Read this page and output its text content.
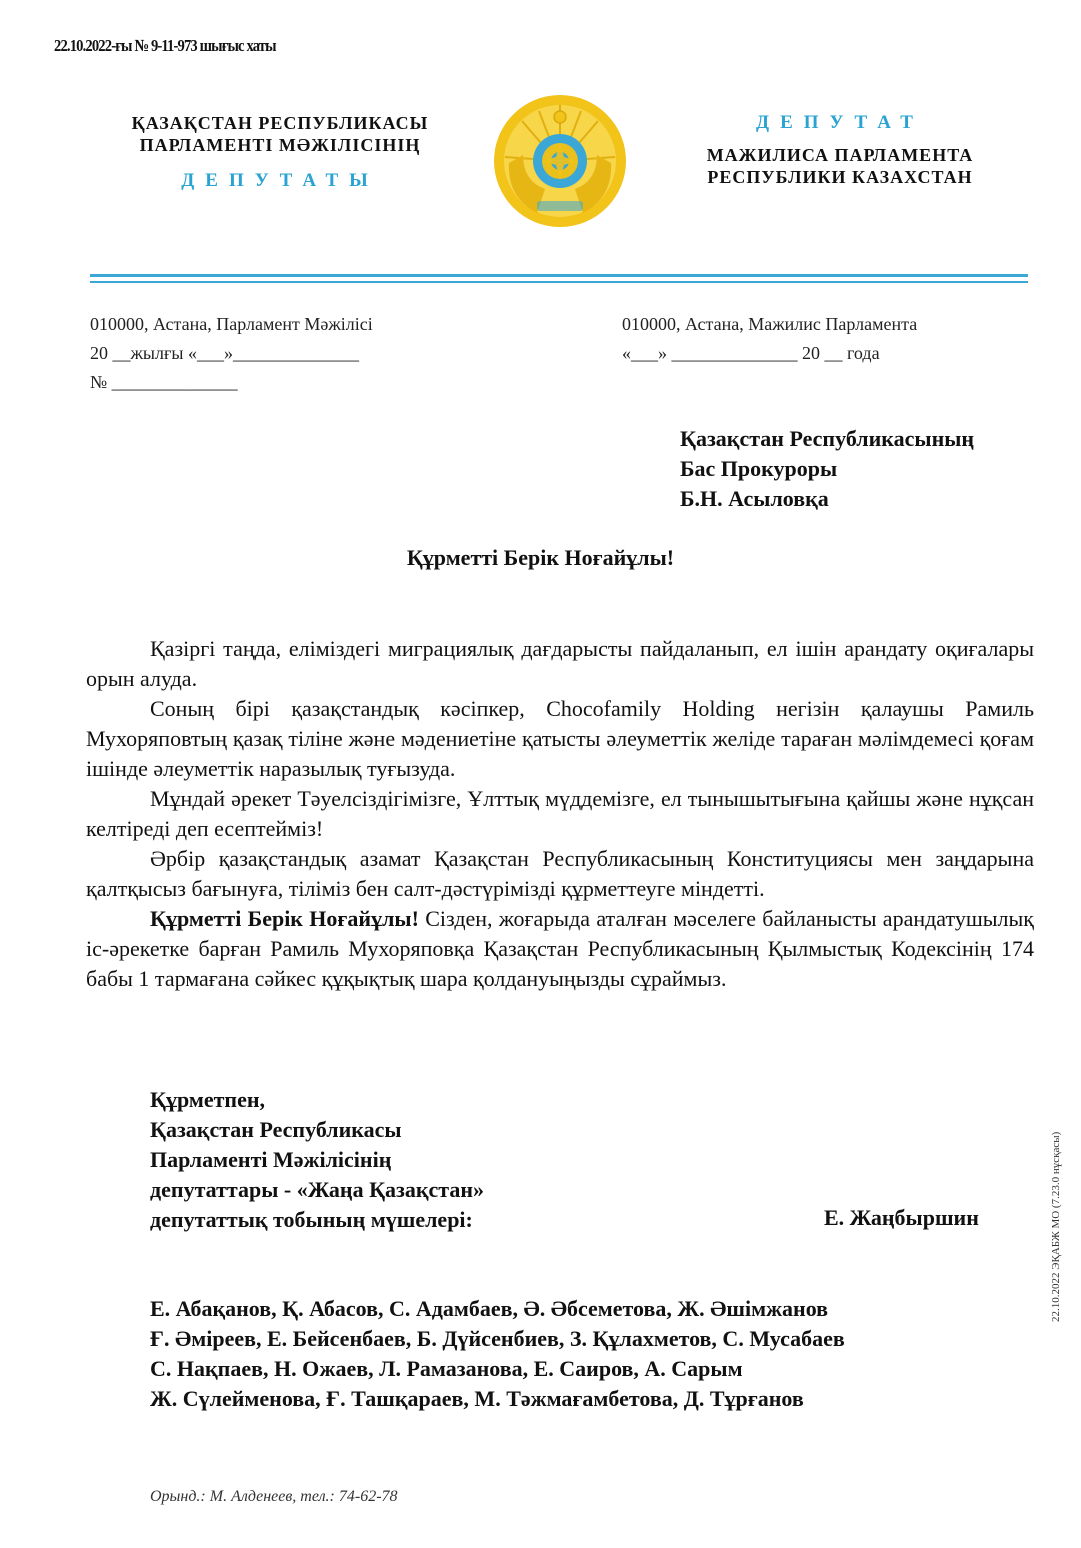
22.10.2022-ғы № 9-11-973 шығыс хаты
ҚАЗАҚСТАН РЕСПУБЛИКАСЫ
ПАРЛАМЕНТІ МӘЖІЛІСІНІҢ
ДЕПУТАТЫ
ДЕПУТАТ
МАЖИЛИСА ПАРЛАМЕНТА
РЕСПУБЛИКИ КАЗАХСТАН
010000, Астана, Парламент Мәжілісі
20 __жылғы «___»______________
№ ______________
010000, Астана, Мажилис Парламента
«___» ______________ 20 __ года
Қазақстан Республикасының
Бас Прокуроры
Б.Н. Асыловқа
Құрметті Берік Ноғайұлы!

Қазіргі таңда, еліміздегі миграциялық дағдарысты пайдаланып, ел ішін арандату оқиғалары орын алуда.

Соның бірі қазақстандық кәсіпкер, Chocofamily Holding негізін қалаушы Рамиль Мухоряповтың қазақ тіліне және мәдениетіне қатысты әлеуметтік желіде тараған мәлімдемесі қоғам ішінде әлеуметтік наразылық туғызуда.

Мұндай әрекет Тәуелсіздігімізге, Ұлттық мүддемізге, ел тынышытығына қайшы және нұқсан келтіреді деп есептейміз!

Әрбір қазақстандық азамат Қазақстан Республикасының Конституциясы мен заңдарына қалтқысыз бағынуға, тіліміз бен салт-дәстүрімізді құрметтеугe міндетті.

Құрметті Берік Ноғайұлы! Сізден, жоғарыда аталған мәселеге байланысты арандатушылық іс-әрекетке барған Рамиль Мухоряповқа Қазақстан Республикасының Қылмыстық Кодексінің 174 бабы 1 тармағана сәйкес құқықтық шара қолдануыңызды сұраймыз.

Құрметпен,
Қазақстан Республикасы
Парламенті Мәжілісінің
депутаттары - «Жаңа Қазақстан»
депутаттық тобының мүшелері:	Е. Жаңбыршин
Е. Абақанов, Қ. Абасов, С. Адамбаев, Ә. Әбсеметова, Ж. Әшімжанов
Ғ. Әміреев, Е. Бейсенбаев, Б. Дүйсенбиев, З. Құлахметов, С. Мусабаев
С. Нақпаев, Н. Ожаев, Л. Рамазанова, Е. Саиров, А. Сарым
Ж. Сүлейменова, Ғ. Ташқараев, М. Тәжмағамбетова, Д. Тұрғанов
Орынд.: М. Алденеев, тел.: 74-62-78
22.10.2022 ЭҚАБЖ МО (7.23.0 нұсқасы)
